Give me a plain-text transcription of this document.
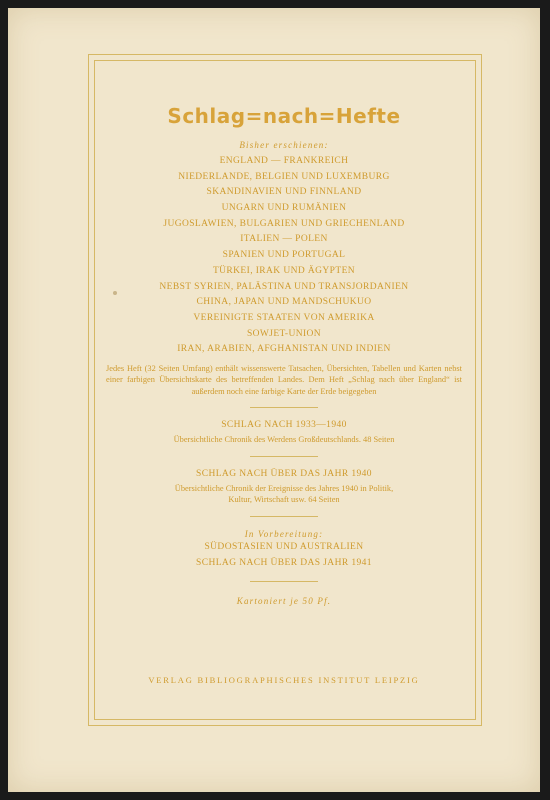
Schlag=nach=Hefte
Bisher erschienen:
ENGLAND — FRANKREICH
NIEDERLANDE, BELGIEN UND LUXEMBURG
SKANDINAVIEN UND FINNLAND
UNGARN UND RUMÄNIEN
JUGOSLAWIEN, BULGARIEN UND GRIECHENLAND
ITALIEN — POLEN
SPANIEN UND PORTUGAL
TÜRKEI, IRAK UND ÄGYPTEN
NEBST SYRIEN, PALÄSTINA UND TRANSJORDANIEN
CHINA, JAPAN UND MANDSCHUKUO
VEREINIGTE STAATEN VON AMERIKA
SOWJET-UNION
IRAN, ARABIEN, AFGHANISTAN UND INDIEN
Jedes Heft (32 Seiten Umfang) enthält wissenswerte Tatsachen, Übersichten, Tabellen und Karten nebst einer farbigen Übersichtskarte des betreffenden Landes. Dem Heft „Schlag nach über England“ ist außerdem noch eine farbige Karte der Erde beigegeben
SCHLAG NACH 1933—1940
Übersichtliche Chronik des Werdens Großdeutschlands. 48 Seiten
SCHLAG NACH ÜBER DAS JAHR 1940
Übersichtliche Chronik der Ereignisse des Jahres 1940 in Politik,
Kultur, Wirtschaft usw. 64 Seiten
In Vorbereitung:
SÜDOSTASIEN UND AUSTRALIEN
SCHLAG NACH ÜBER DAS JAHR 1941
Kartoniert je 50 Pf.
VERLAG BIBLIOGRAPHISCHES INSTITUT LEIPZIG
